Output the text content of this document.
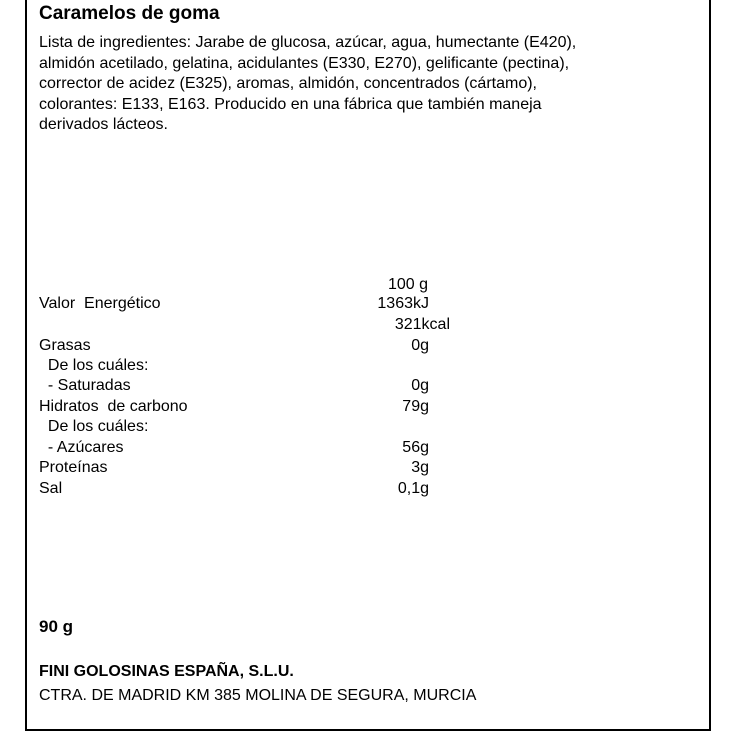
Caramelos de goma
Lista de ingredientes: Jarabe de glucosa, azúcar, agua, humectante (E420),
almidón acetilado, gelatina, acidulantes (E330, E270), gelificante (pectina),
corrector de acidez (E325), aromas, almidón, concentrados (cártamo),
colorantes: E133, E163. Producido en una fábrica que también maneja
derivados lácteos.
100 g
Valor  Energético	1363kJ
321kcal
Grasas	0g
De los cuáles:
- Saturadas	0g
Hidratos  de carbono	79g
De los cuáles:
- Azúcares	56g
Proteínas	3g
Sal	0,1g
90 g
FINI GOLOSINAS ESPAÑA, S.L.U.
CTRA. DE MADRID KM 385 MOLINA DE SEGURA, MURCIA
